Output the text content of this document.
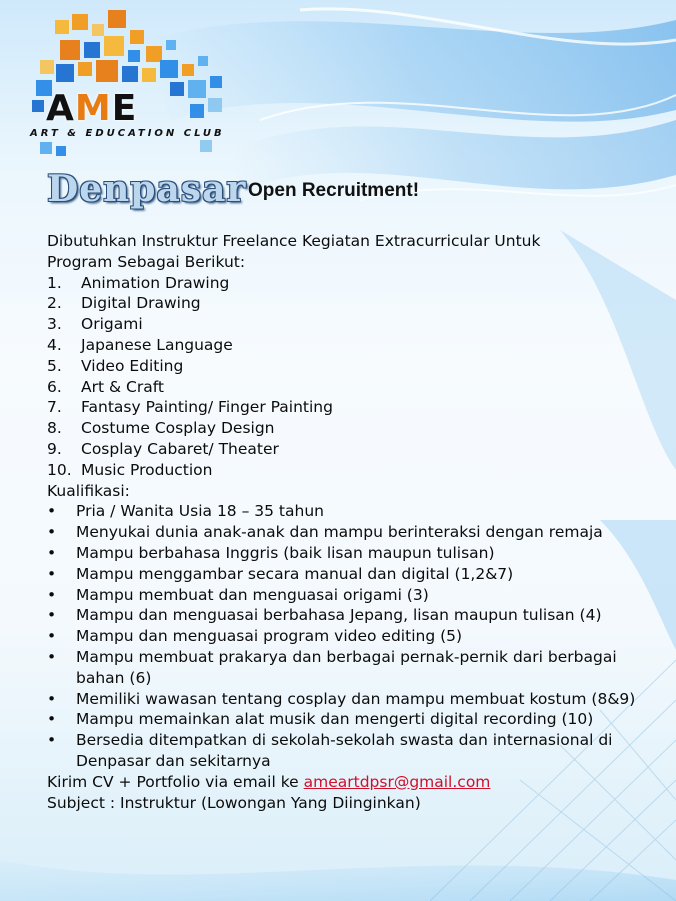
AME
ART & EDUCATION CLUB
Denpasar Open Recruitment!

Dibutuhkan Instruktur Freelance Kegiatan Extracurricular Untuk

Program Sebagai Berikut:

1.	Animation Drawing
2.	Digital Drawing
3.	Origami
4.	Japanese Language
5.	Video Editing
6.	Art & Craft
7.	Fantasy Painting/ Finger Painting
8.	Costume Cosplay Design
9.	Cosplay Cabaret/ Theater
10. Music Production

Kualifikasi:

•	Pria / Wanita Usia 18 – 35 tahun
•	Menyukai dunia anak-anak dan mampu berinteraksi dengan remaja
•	Mampu berbahasa Inggris (baik lisan maupun tulisan)
•	Mampu menggambar secara manual dan digital (1,2&7)
•	Mampu membuat dan menguasai origami (3)
•	Mampu dan menguasai berbahasa Jepang, lisan maupun tulisan (4)
•	Mampu dan menguasai program video editing (5)
•	Mampu membuat prakarya dan berbagai pernak-pernik dari berbagai bahan (6)
•	Memiliki wawasan tentang cosplay dan mampu membuat kostum (8&9)
•	Mampu memainkan alat musik dan mengerti digital recording (10)
•	Bersedia ditempatkan di sekolah-sekolah swasta dan internasional di Denpasar dan sekitarnya

Kirim CV + Portfolio via email ke ameartdpsr@gmail.com

Subject : Instruktur (Lowongan Yang Diinginkan)
